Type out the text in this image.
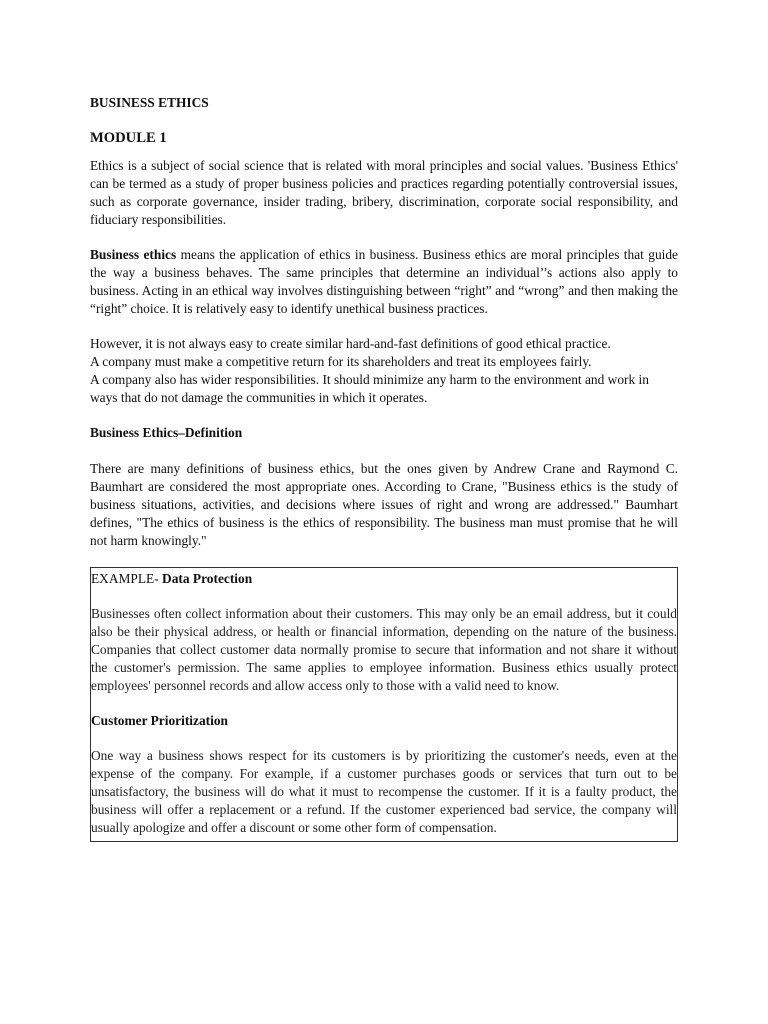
BUSINESS ETHICS
MODULE 1

Ethics is a subject of social science that is related with moral principles and social values. 'Business Ethics' can be termed as a study of proper business policies and practices regarding potentially controversial issues, such as corporate governance, insider trading, bribery, discrimination, corporate social responsibility, and fiduciary responsibilities.

Business ethics means the application of ethics in business. Business ethics are moral principles that guide the way a business behaves. The same principles that determine an individual’’s actions also apply to business. Acting in an ethical way involves distinguishing between “right” and “wrong” and then making the “right” choice. It is relatively easy to identify unethical business practices.

However, it is not always easy to create similar hard-and-fast definitions of good ethical practice.
A company must make a competitive return for its shareholders and treat its employees fairly.
A company also has wider responsibilities. It should minimize any harm to the environment and work in ways that do not damage the communities in which it operates.

Business Ethics–Definition

There are many definitions of business ethics, but the ones given by Andrew Crane and Raymond C. Baumhart are considered the most appropriate ones. According to Crane, "Business ethics is the study of business situations, activities, and decisions where issues of right and wrong are addressed." Baumhart defines, "The ethics of business is the ethics of responsibility. The business man must promise that he will not harm knowingly."

EXAMPLE- Data Protection

Businesses often collect information about their customers. This may only be an email address, but it could also be their physical address, or health or financial information, depending on the nature of the business. Companies that collect customer data normally promise to secure that information and not share it without the customer's permission. The same applies to employee information. Business ethics usually protect employees' personnel records and allow access only to those with a valid need to know.

Customer Prioritization

One way a business shows respect for its customers is by prioritizing the customer's needs, even at the expense of the company. For example, if a customer purchases goods or services that turn out to be unsatisfactory, the business will do what it must to recompense the customer. If it is a faulty product, the business will offer a replacement or a refund. If the customer experienced bad service, the company will usually apologize and offer a discount or some other form of compensation.
